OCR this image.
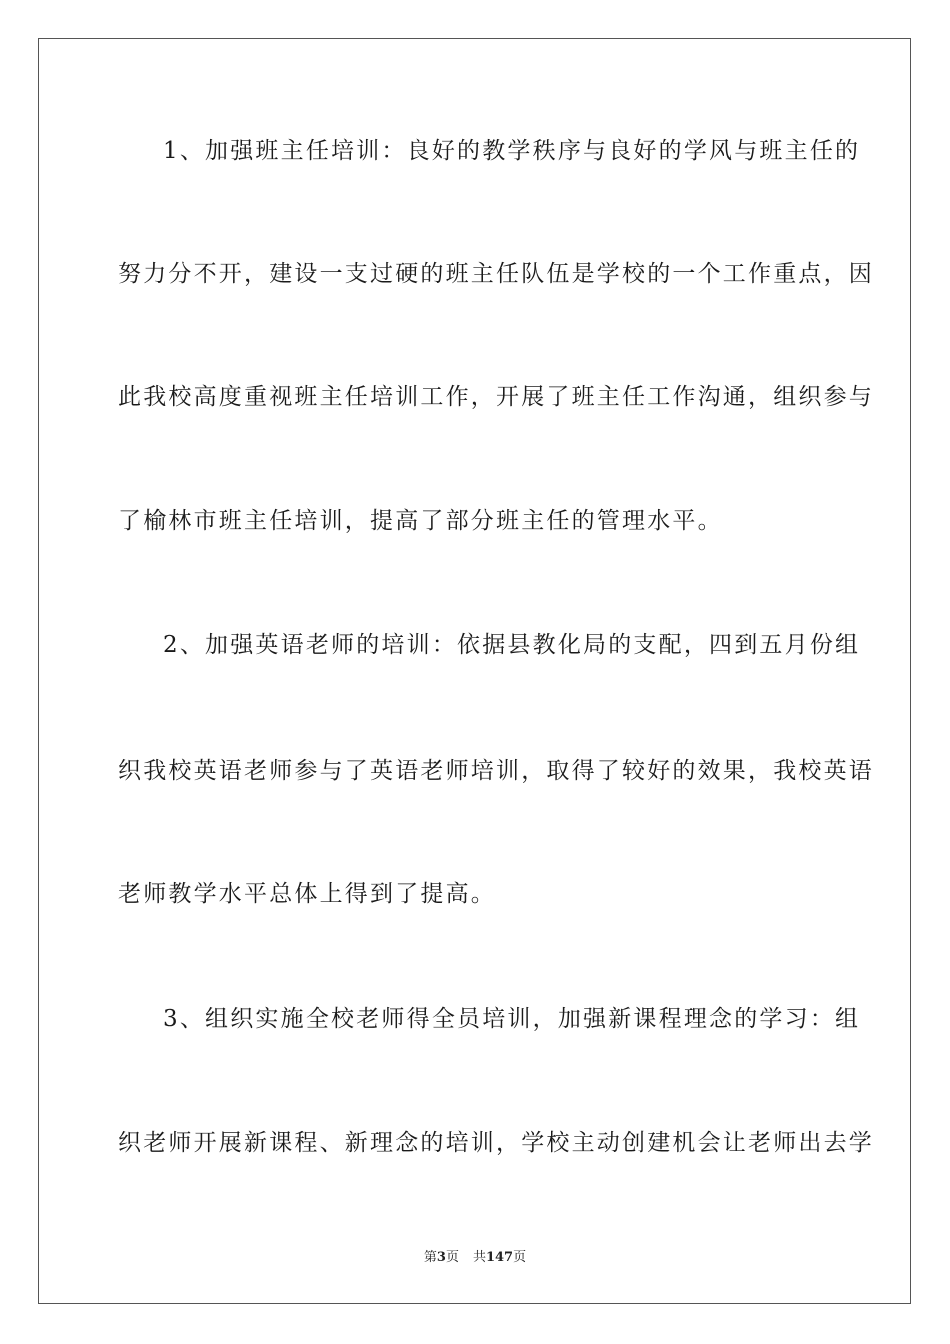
1、加强班主任培训：良好的教学秩序与良好的学风与班主任的
努力分不开，建设一支过硬的班主任队伍是学校的一个工作重点，因
此我校高度重视班主任培训工作，开展了班主任工作沟通，组织参与
了榆林市班主任培训，提高了部分班主任的管理水平。
2、加强英语老师的培训：依据县教化局的支配，四到五月份组
织我校英语老师参与了英语老师培训，取得了较好的效果，我校英语
老师教学水平总体上得到了提高。
3、组织实施全校老师得全员培训，加强新课程理念的学习：组
织老师开展新课程、新理念的培训，学校主动创建机会让老师出去学
第3页 共147页
